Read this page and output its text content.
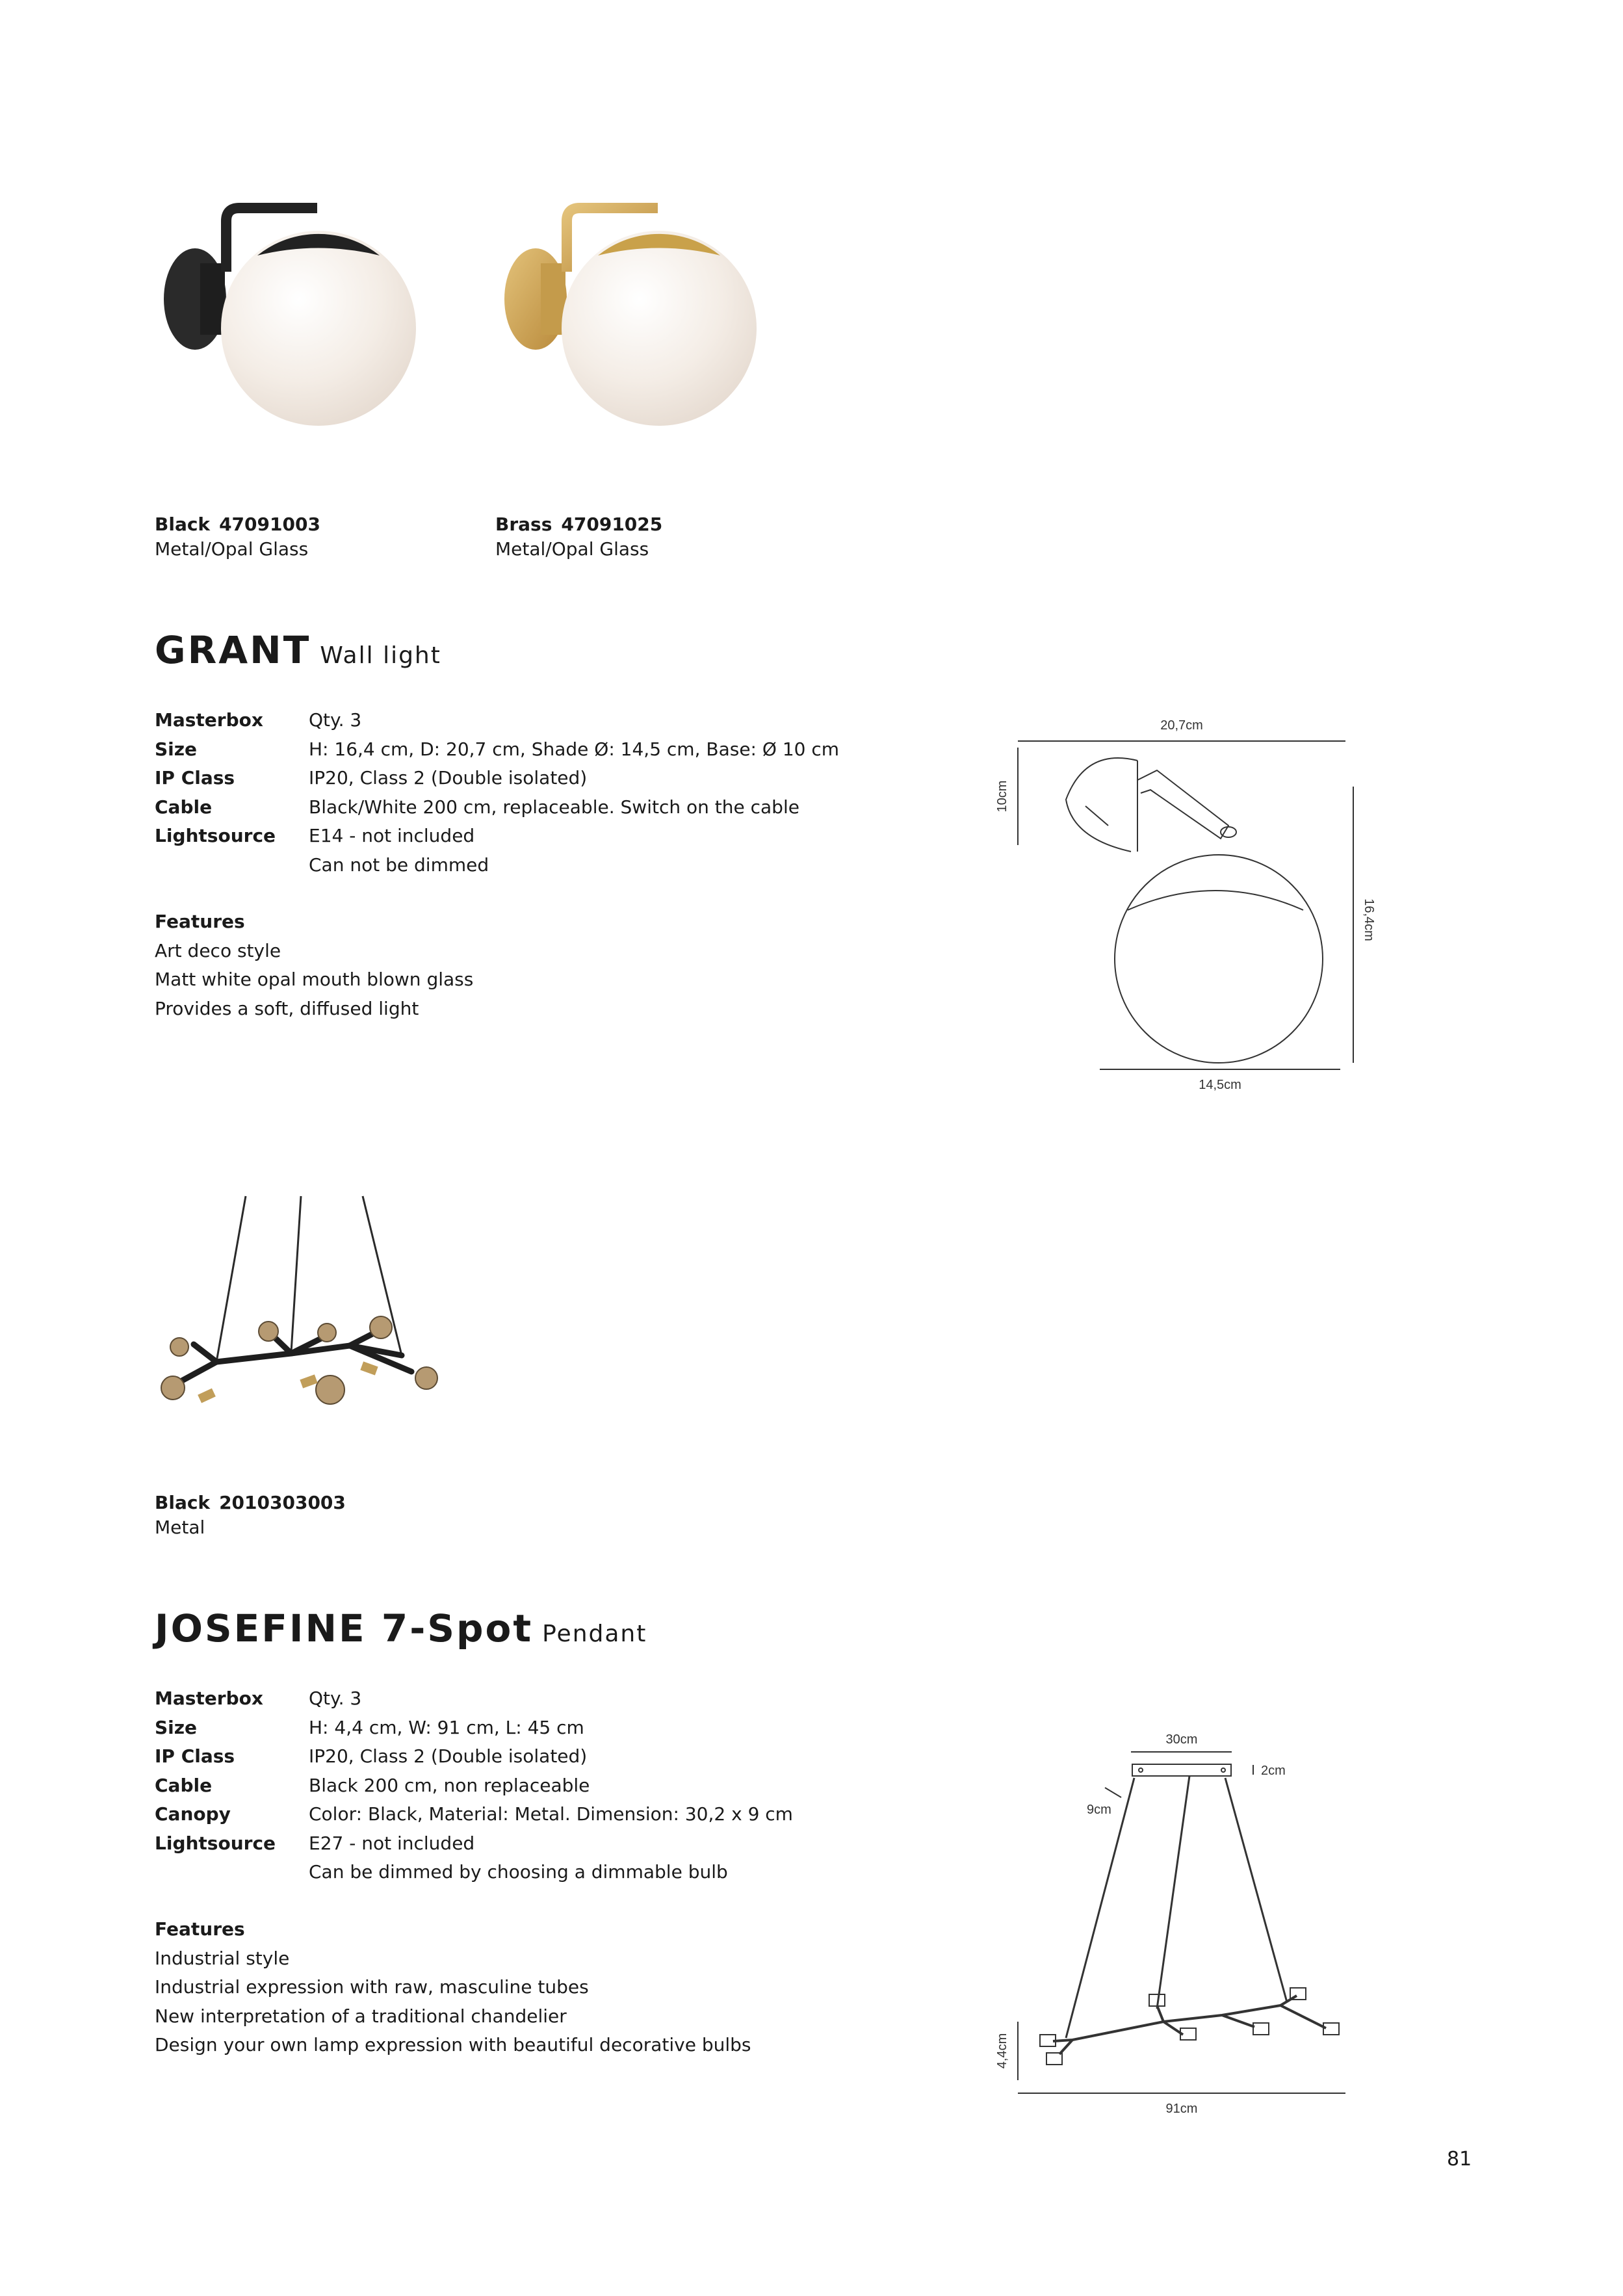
Black 47091003
Metal/Opal Glass
Brass 47091025
Metal/Opal Glass
GRANT Wall light
Masterbox	Qty. 3
Size	H: 16,4 cm, D: 20,7 cm, Shade Ø: 14,5 cm, Base: Ø 10 cm
IP Class	IP20, Class 2 (Double isolated)
Cable	Black/White 200 cm, replaceable. Switch on the cable
Lightsource	E14 - not included
Can not be dimmed
Features
Art deco style
Matt white opal mouth blown glass
Provides a soft, diffused light
20,7cm
10cm
16,4cm
14,5cm
Black 2010303003
Metal
JOSEFINE 7-Spot Pendant
Masterbox	Qty. 3
Size	H: 4,4 cm, W: 91 cm, L: 45 cm
IP Class	IP20, Class 2 (Double isolated)
Cable	Black 200 cm, non replaceable
Canopy	Color: Black, Material: Metal. Dimension: 30,2 x 9 cm
Lightsource	E27 - not included
Can be dimmed by choosing a dimmable bulb
Features
Industrial style
Industrial expression with raw, masculine tubes
New interpretation of a traditional chandelier
Design your own lamp expression with beautiful decorative bulbs
30cm
2cm
9cm
4,4cm
91cm
81
